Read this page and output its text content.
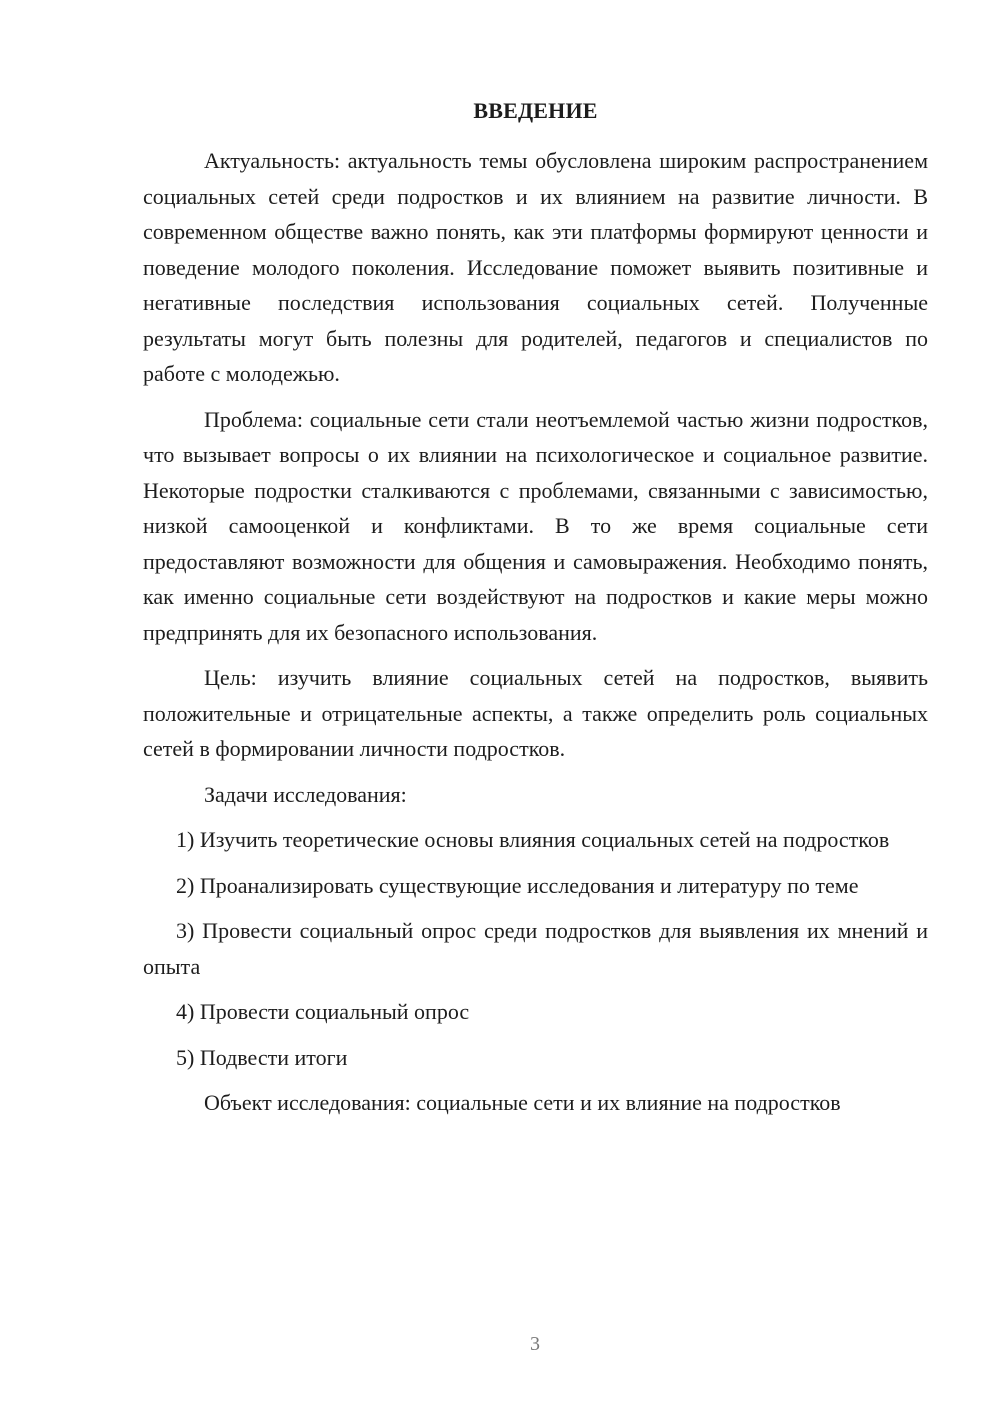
ВВЕДЕНИЕ

Актуальность: актуальность темы обусловлена широким распространением социальных сетей среди подростков и их влиянием на развитие личности. В современном обществе важно понять, как эти платформы формируют ценности и поведение молодого поколения. Исследование поможет выявить позитивные и негативные последствия использования социальных сетей. Полученные результаты могут быть полезны для родителей, педагогов и специалистов по работе с молодежью.

Проблема: социальные сети стали неотъемлемой частью жизни подростков, что вызывает вопросы о их влиянии на психологическое и социальное развитие. Некоторые подростки сталкиваются с проблемами, связанными с зависимостью, низкой самооценкой и конфликтами. В то же время социальные сети предоставляют возможности для общения и самовыражения. Необходимо понять, как именно социальные сети воздействуют на подростков и какие меры можно предпринять для их безопасного использования.

Цель: изучить влияние социальных сетей на подростков, выявить положительные и отрицательные аспекты, а также определить роль социальных сетей в формировании личности подростков.

Задачи исследования:

1) Изучить теоретические основы влияния социальных сетей на подростков

2) Проанализировать существующие исследования и литературу по теме

3) Провести социальный опрос среди подростков для выявления их мнений и опыта

4) Провести социальный опрос

5) Подвести итоги

Объект исследования: социальные сети и их влияние на подростков

3
